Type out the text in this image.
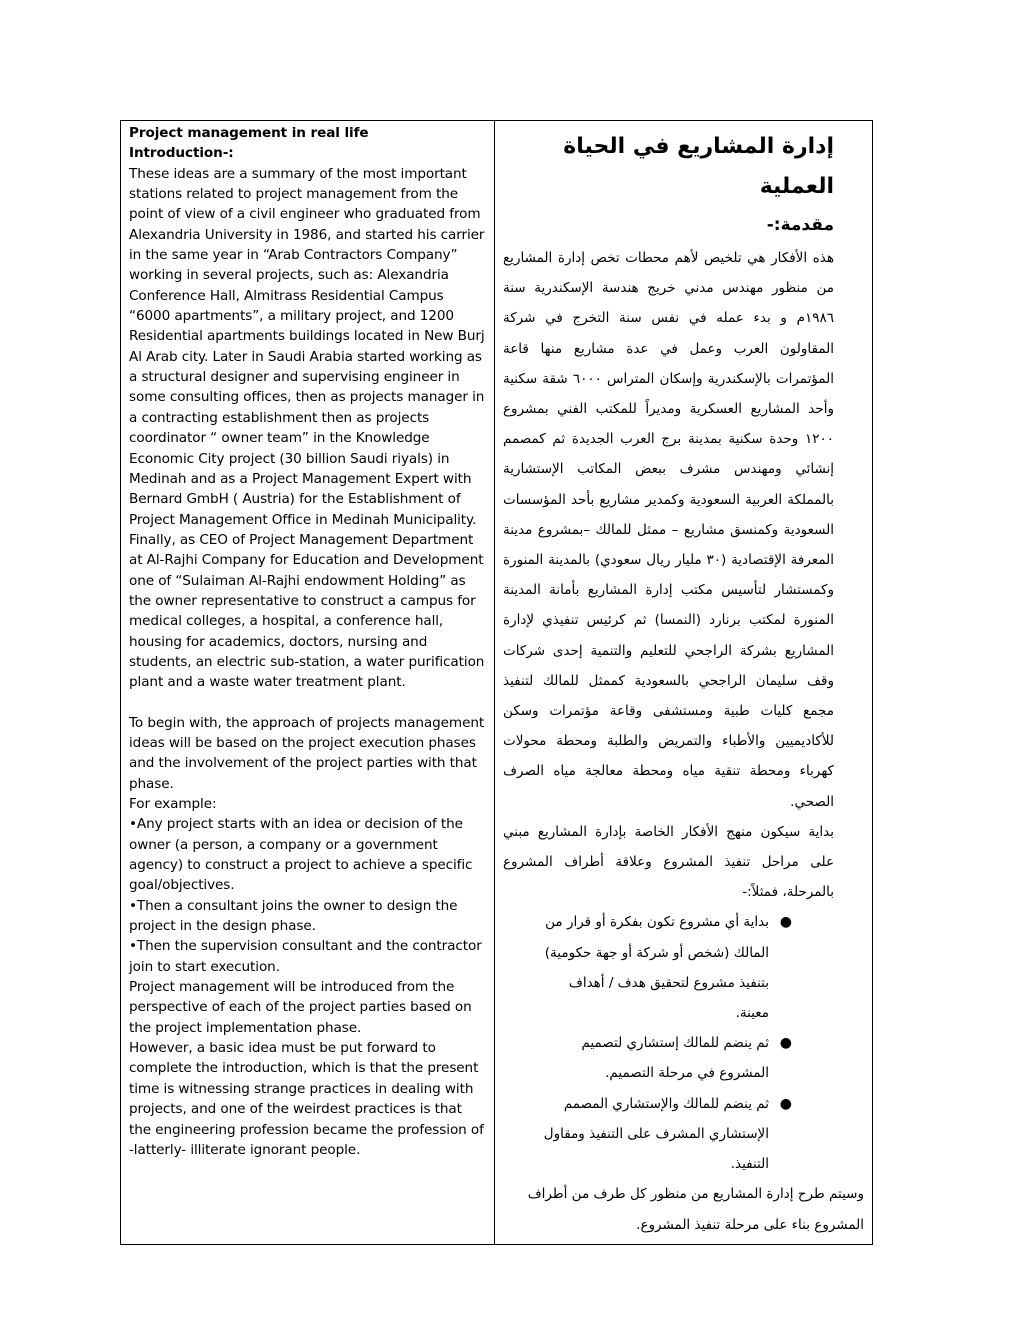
Project management in real life

Introduction-:

These ideas are a summary of the most important stations related to project management from the point of view of a civil engineer who graduated from Alexandria University in 1986, and started his carrier in the same year in “Arab Contractors Company” working in several projects, such as: Alexandria Conference Hall, Almitrass Residential Campus “6000 apartments”, a military project, and 1200 Residential apartments buildings located in New Burj Al Arab city. Later in Saudi Arabia started working as a structural designer and supervising engineer in some consulting offices, then as projects manager in a contracting establishment then as projects coordinator “ owner team” in the Knowledge Economic City project (30 billion Saudi riyals) in Medinah and as a Project Management Expert with Bernard GmbH ( Austria) for the Establishment of Project Management Office in Medinah Municipality.

Finally, as CEO of Project Management Department at Al-Rajhi Company for Education and Development one of “Sulaiman Al-Rajhi endowment Holding” as the owner representative to construct a campus for medical colleges, a hospital, a conference hall, housing for academics, doctors, nursing and students, an electric sub-station, a water purification plant and a waste water treatment plant.

To begin with, the approach of projects management ideas will be based on the project execution phases and the involvement of the project parties with that phase.

For example:

•Any project starts with an idea or decision of the owner (a person, a company or a government agency) to construct a project to achieve a specific goal/objectives.

•Then a consultant joins the owner to design the project in the design phase.

•Then the supervision consultant and the contractor join to start execution.

Project management will be introduced from the perspective of each of the project parties based on the project implementation phase.

However, a basic idea must be put forward to complete the introduction, which is that the present time is witnessing strange practices in dealing with projects, and one of the weirdest practices is that the engineering profession became the profession of -latterly- illiterate ignorant people.

إدارة المشاريع في الحياة العملية

مقدمة:-

هذه الأفكار هي تلخيص لأهم محطات تخص إدارة المشاريع من منظور مهندس مدني خريج هندسة الإسكندرية سنة ١٩٨٦م و بدء عمله في نفس سنة التخرج في شركة المقاولون العرب وعمل في عدة مشاريع منها قاعة المؤتمرات بالإسكندرية وإسكان المتراس ٦٠٠٠ شقة سكنية وأحد المشاريع العسكرية ومديراً للمكتب الفني بمشروع ١٢٠٠ وحدة سكنية بمدينة برج العرب الجديدة ثم كمصمم إنشائي ومهندس مشرف ببعض المكاتب الإستشارية بالمملكة العربية السعودية وكمدير مشاريع بأحد المؤسسات السعودية وكمنسق مشاريع – ممثل للمالك –بمشروع مدينة المعرفة الإقتصادية (٣٠ مليار ريال سعودي) بالمدينة المنورة وكمستشار لتأسيس مكتب إدارة المشاريع بأمانة المدينة المنورة لمكتب برنارد (النمسا) ثم كرئيس تنفيذي لإدارة المشاريع بشركة الراجحي للتعليم والتنمية إحدى شركات وقف سليمان الراجحي بالسعودية كممثل للمالك لتنفيذ مجمع كليات طبية ومستشفى وقاعة مؤتمرات وسكن للأكاديميين والأطباء والتمريض والطلبة ومحطة محولات كهرباء ومحطة تنقية مياه ومحطة معالجة مياه الصرف الصحي.

بداية سيكون منهج الأفكار الخاصة بإدارة المشاريع مبني على مراحل تنفيذ المشروع وعلاقة أطراف المشروع بالمرحلة، فمثلاً:-

●
بداية أي مشروع تكون بفكرة أو قرار من المالك (شخص أو شركة أو جهة حكومية) بتنفيذ مشروع لتحقيق هدف / أهداف معينة.
●
ثم ينضم للمالك إستشاري لتصميم المشروع في مرحلة التصميم.
●
ثم ينضم للمالك والإستشاري المصمم الإستشاري المشرف على التنفيذ ومقاول التنفيذ.

وسيتم طرح إدارة المشاريع من منظور كل طرف من أطراف المشروع بناء على مرحلة تنفيذ المشروع.
